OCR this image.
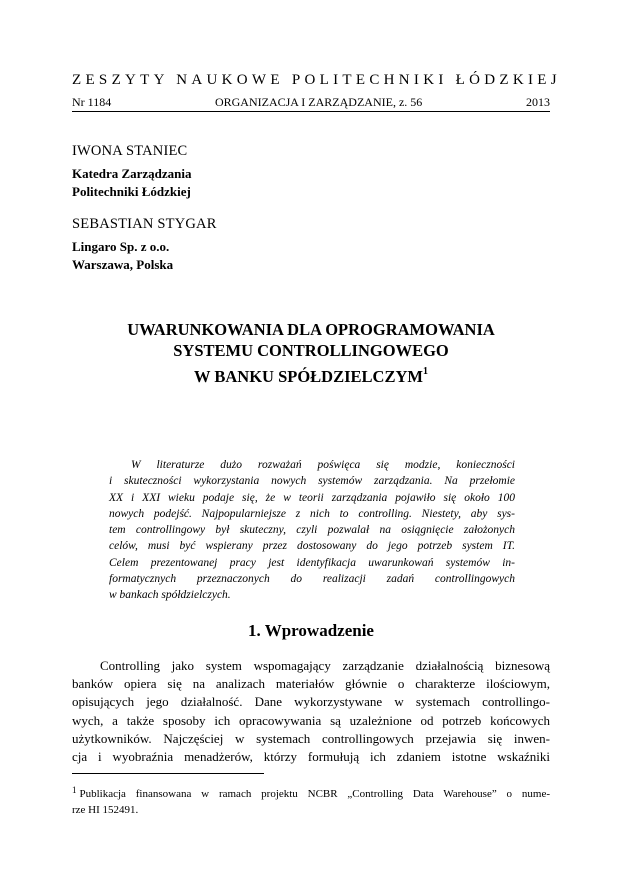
ZESZYTY NAUKOWE POLITECHNIKI ŁÓDZKIEJ
Nr 1184	ORGANIZACJA I ZARZĄDZANIE, z. 56	2013
IWONA STANIEC
Katedra Zarządzania
Politechniki Łódzkiej
SEBASTIAN STYGAR
Lingaro Sp. z o.o.
Warszawa, Polska
UWARUNKOWANIA DLA OPROGRAMOWANIA
SYSTEMU CONTROLLINGOWEGO
W BANKU SPÓŁDZIELCZYM$^1$
W literaturze dużo rozważań poświęca się modzie, konieczności
i skuteczności wykorzystania nowych systemów zarządzania. Na przełomie
XX i XXI wieku podaje się, że w teorii zarządzania pojawiło się około 100
nowych podejść. Najpopularniejsze z nich to controlling. Niestety, aby sys-
tem controllingowy był skuteczny, czyli pozwalał na osiągnięcie założonych
celów, musi być wspierany przez dostosowany do jego potrzeb system IT.
Celem prezentowanej pracy jest identyfikacja uwarunkowań systemów in-
formatycznych przeznaczonych do realizacji zadań controllingowych
w bankach spółdzielczych.
1. Wprowadzenie
Controlling jako system wspomagający zarządzanie działalnością biznesową
banków opiera się na analizach materiałów głównie o charakterze ilościowym,
opisujących jego działalność. Dane wykorzystywane w systemach controllingo-
wych, a także sposoby ich opracowywania są uzależnione od potrzeb końcowych
użytkowników. Najczęściej w systemach controllingowych przejawia się inwen-
cja i wyobraźnia menadżerów, którzy formułują ich zdaniem istotne wskaźniki
$^1$ Publikacja finansowana w ramach projektu NCBR „Controlling Data Warehouse” o nume-
rze HI 152491.
